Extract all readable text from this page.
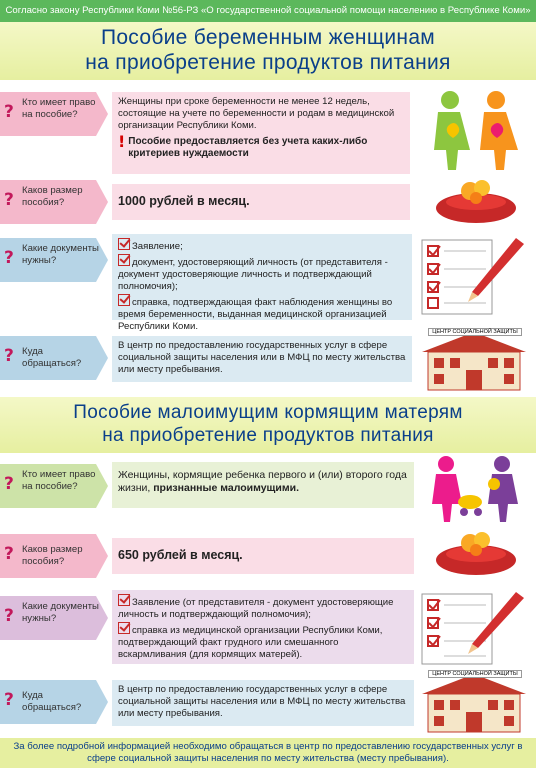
Согласно закону Республики Коми №56-РЗ «О государственной социальной помощи населению в Республике Коми»
Пособие беременным женщинам
на приобретение продуктов питания
? Кто имеет право на пособие?
Женщины при сроке беременности не менее 12 недель, состоящие на учете по беременности и родам в медицинской организации Республики Коми.
! Пособие предоставляется без учета каких-либо критериев нуждаемости
? Каков размер пособия?	1000 рублей в месяц.
? Какие документы нужны?
Заявление;
документ, удостоверяющий личность (от представителя - документ удостоверяющие личность и подтверждающий полномочия);
справка, подтверждающая факт наблюдения женщины во время беременности, выданная медицинской организацией Республики Коми.
? Куда обращаться?
В центр по предоставлению государственных услуг в сфере социальной защиты населения или в МФЦ по месту жительства или месту пребывания.
ЦЕНТР СОЦИАЛЬНОЙ ЗАЩИТЫ
Пособие малоимущим кормящим матерям
на приобретение продуктов питания
? Кто имеет право на пособие?
Женщины, кормящие ребенка первого и (или) второго года жизни, признанные малоимущими.
? Каков размер пособия?	650 рублей в месяц.
? Какие документы нужны?
Заявление (от представителя - документ удостоверяющие личность и подтверждающий полномочия);
справка из медицинской организации Республики Коми, подтверждающий факт грудного или смешанного вскармливания (для кормящих матерей).
? Куда обращаться?
В центр по предоставлению государственных услуг в сфере социальной защиты населения или в МФЦ по месту жительства или месту пребывания.
ЦЕНТР СОЦИАЛЬНОЙ ЗАЩИТЫ
За более подробной информацией необходимо обращаться в центр по предоставлению государственных услуг в сфере социальной защиты населения по месту жительства (месту пребывания).
